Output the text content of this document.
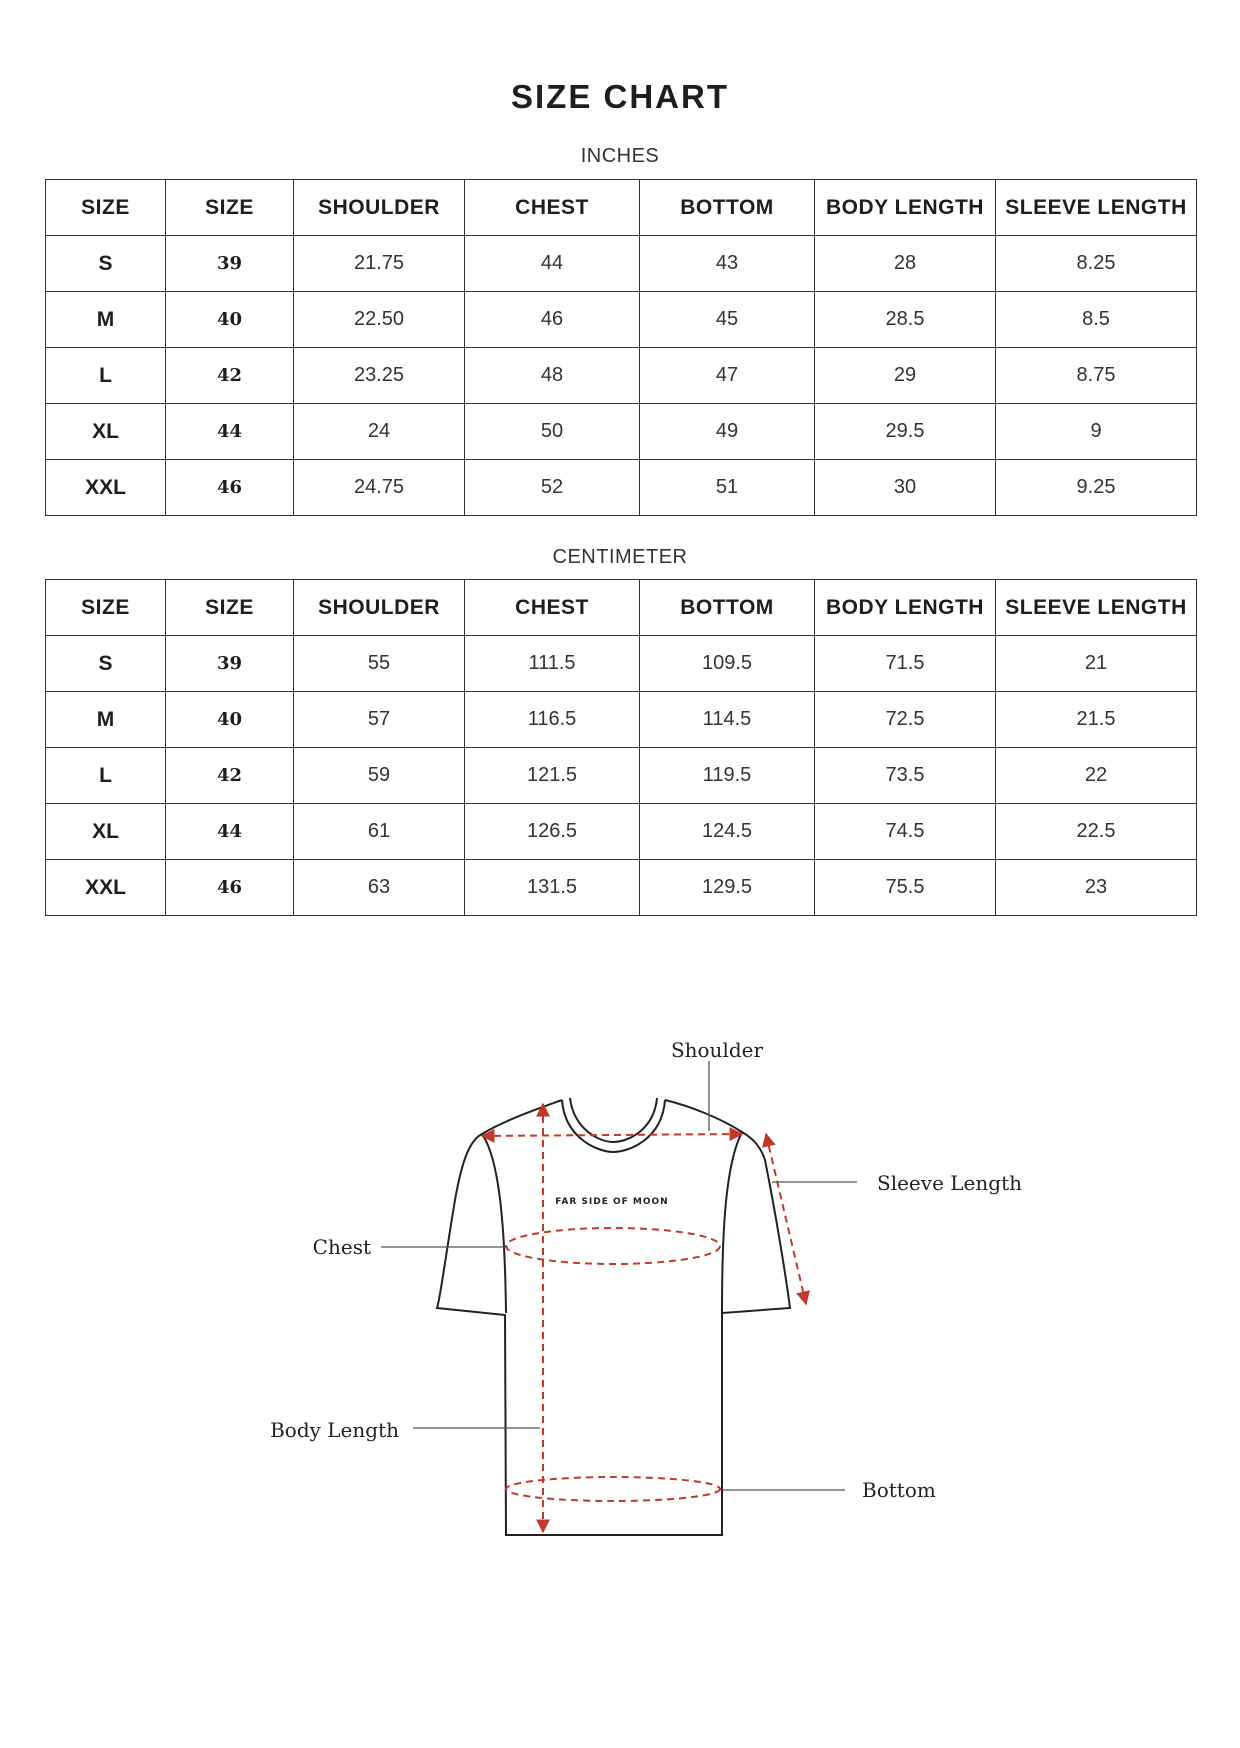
SIZE CHART
INCHES
SIZE	SIZE	SHOULDER	CHEST	BOTTOM	BODY LENGTH	SLEEVE LENGTH
S	39	21.75	44	43	28	8.25
M	40	22.50	46	45	28.5	8.5
L	42	23.25	48	47	29	8.75
XL	44	24	50	49	29.5	9
XXL	46	24.75	52	51	30	9.25
CENTIMETER
SIZE	SIZE	SHOULDER	CHEST	BOTTOM	BODY LENGTH	SLEEVE LENGTH
S	39	55	111.5	109.5	71.5	21
M	40	57	116.5	114.5	72.5	21.5
L	42	59	121.5	119.5	73.5	22
XL	44	61	126.5	124.5	74.5	22.5
XXL	46	63	131.5	129.5	75.5	23
FAR SIDE OF MOON
Shoulder
Sleeve Length
Chest
Body Length
Bottom
